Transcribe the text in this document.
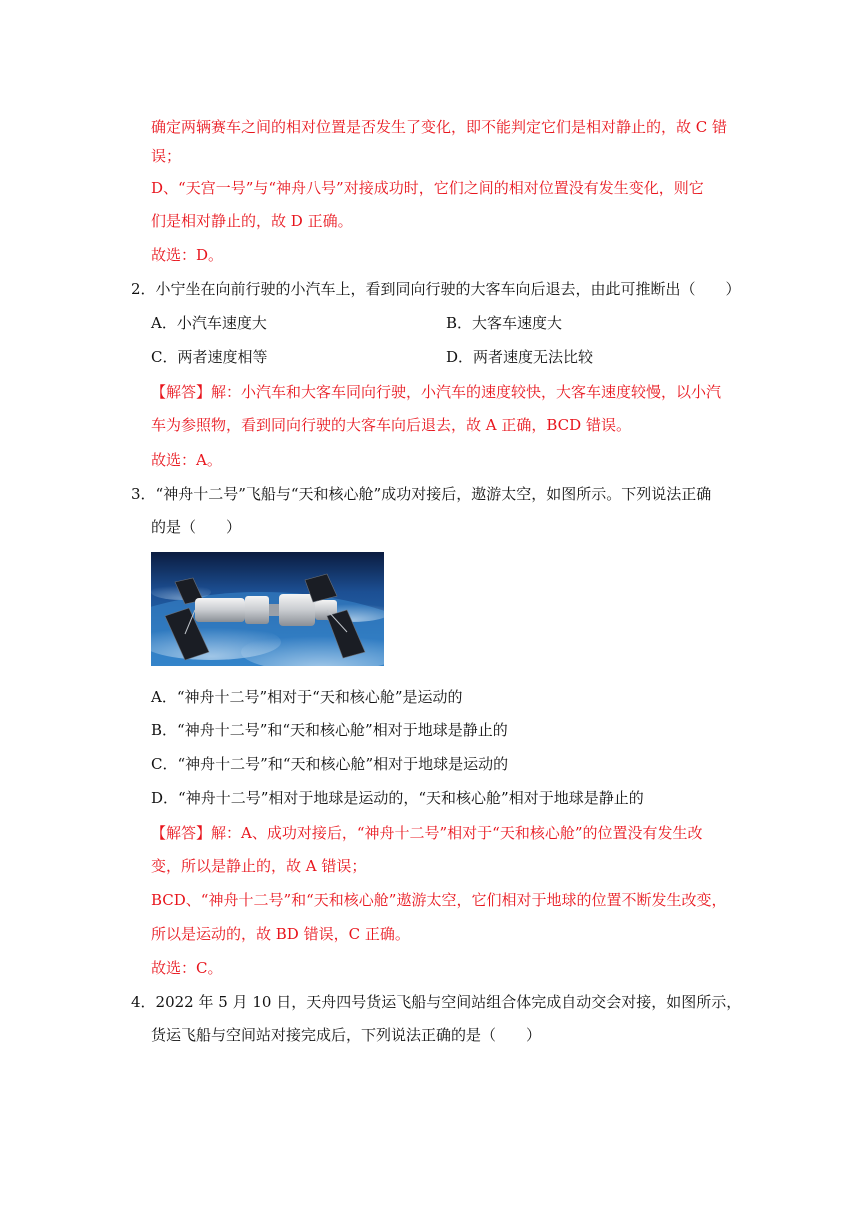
确定两辆赛车之间的相对位置是否发生了变化，即不能判定它们是相对静止的，故 C 错
误；
D、“天宫一号”与“神舟八号”对接成功时，它们之间的相对位置没有发生变化，则它
们是相对静止的，故 D 正确。
故选：D。
2．小宁坐在向前行驶的小汽车上，看到同向行驶的大客车向后退去，由此可推断出（　　）
A．小汽车速度大	B．大客车速度大
C．两者速度相等	D．两者速度无法比较
【解答】解：小汽车和大客车同向行驶，小汽车的速度较快，大客车速度较慢，以小汽
车为参照物，看到同向行驶的大客车向后退去，故 A 正确，BCD 错误。
故选：A。
3．“神舟十二号”飞船与“天和核心舱”成功对接后，遨游太空，如图所示。下列说法正确
的是（　　）
A．“神舟十二号”相对于“天和核心舱”是运动的
B．“神舟十二号”和“天和核心舱”相对于地球是静止的
C．“神舟十二号”和“天和核心舱”相对于地球是运动的
D．“神舟十二号”相对于地球是运动的，“天和核心舱”相对于地球是静止的
【解答】解：A、成功对接后，“神舟十二号”相对于“天和核心舱”的位置没有发生改
变，所以是静止的，故 A 错误；
BCD、“神舟十二号”和“天和核心舱”遨游太空，它们相对于地球的位置不断发生改变，
所以是运动的，故 BD 错误，C 正确。
故选：C。
4．2022 年 5 月 10 日，天舟四号货运飞船与空间站组合体完成自动交会对接，如图所示，
货运飞船与空间站对接完成后，下列说法正确的是（　　）
